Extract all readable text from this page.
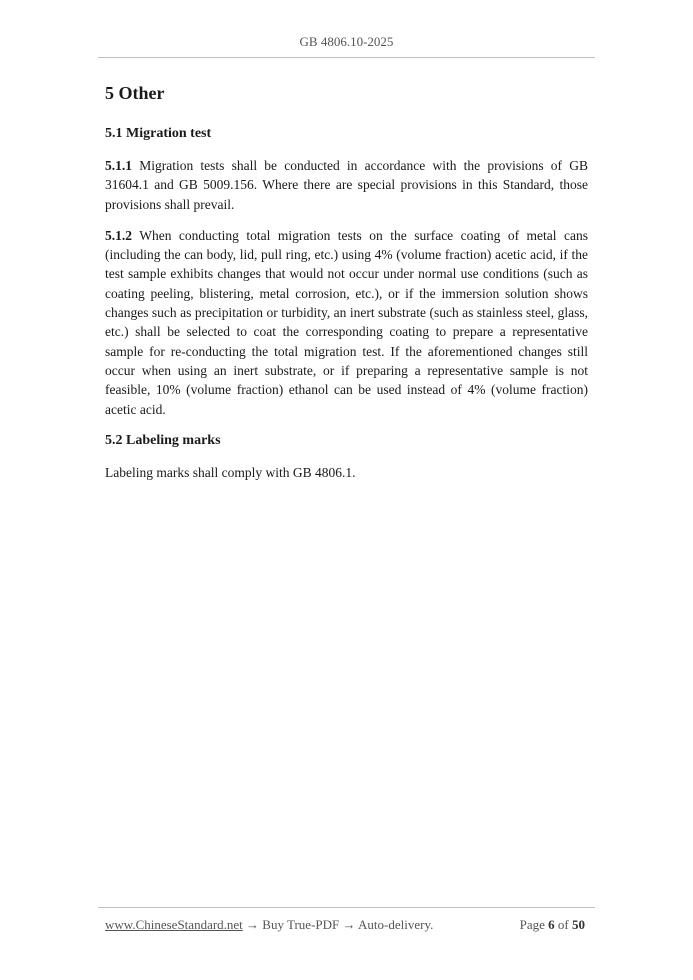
GB 4806.10-2025
5 Other
5.1 Migration test

5.1.1 Migration tests shall be conducted in accordance with the provisions of GB 31604.1 and GB 5009.156. Where there are special provisions in this Standard, those provisions shall prevail.

5.1.2 When conducting total migration tests on the surface coating of metal cans (including the can body, lid, pull ring, etc.) using 4% (volume fraction) acetic acid, if the test sample exhibits changes that would not occur under normal use conditions (such as coating peeling, blistering, metal corrosion, etc.), or if the immersion solution shows changes such as precipitation or turbidity, an inert substrate (such as stainless steel, glass, etc.) shall be selected to coat the corresponding coating to prepare a representative sample for re-conducting the total migration test. If the aforementioned changes still occur when using an inert substrate, or if preparing a representative sample is not feasible, 10% (volume fraction) ethanol can be used instead of 4% (volume fraction) acetic acid.

5.2 Labeling marks

Labeling marks shall comply with GB 4806.1.

www.ChineseStandard.net → Buy True-PDF → Auto-delivery.	Page 6 of 50
